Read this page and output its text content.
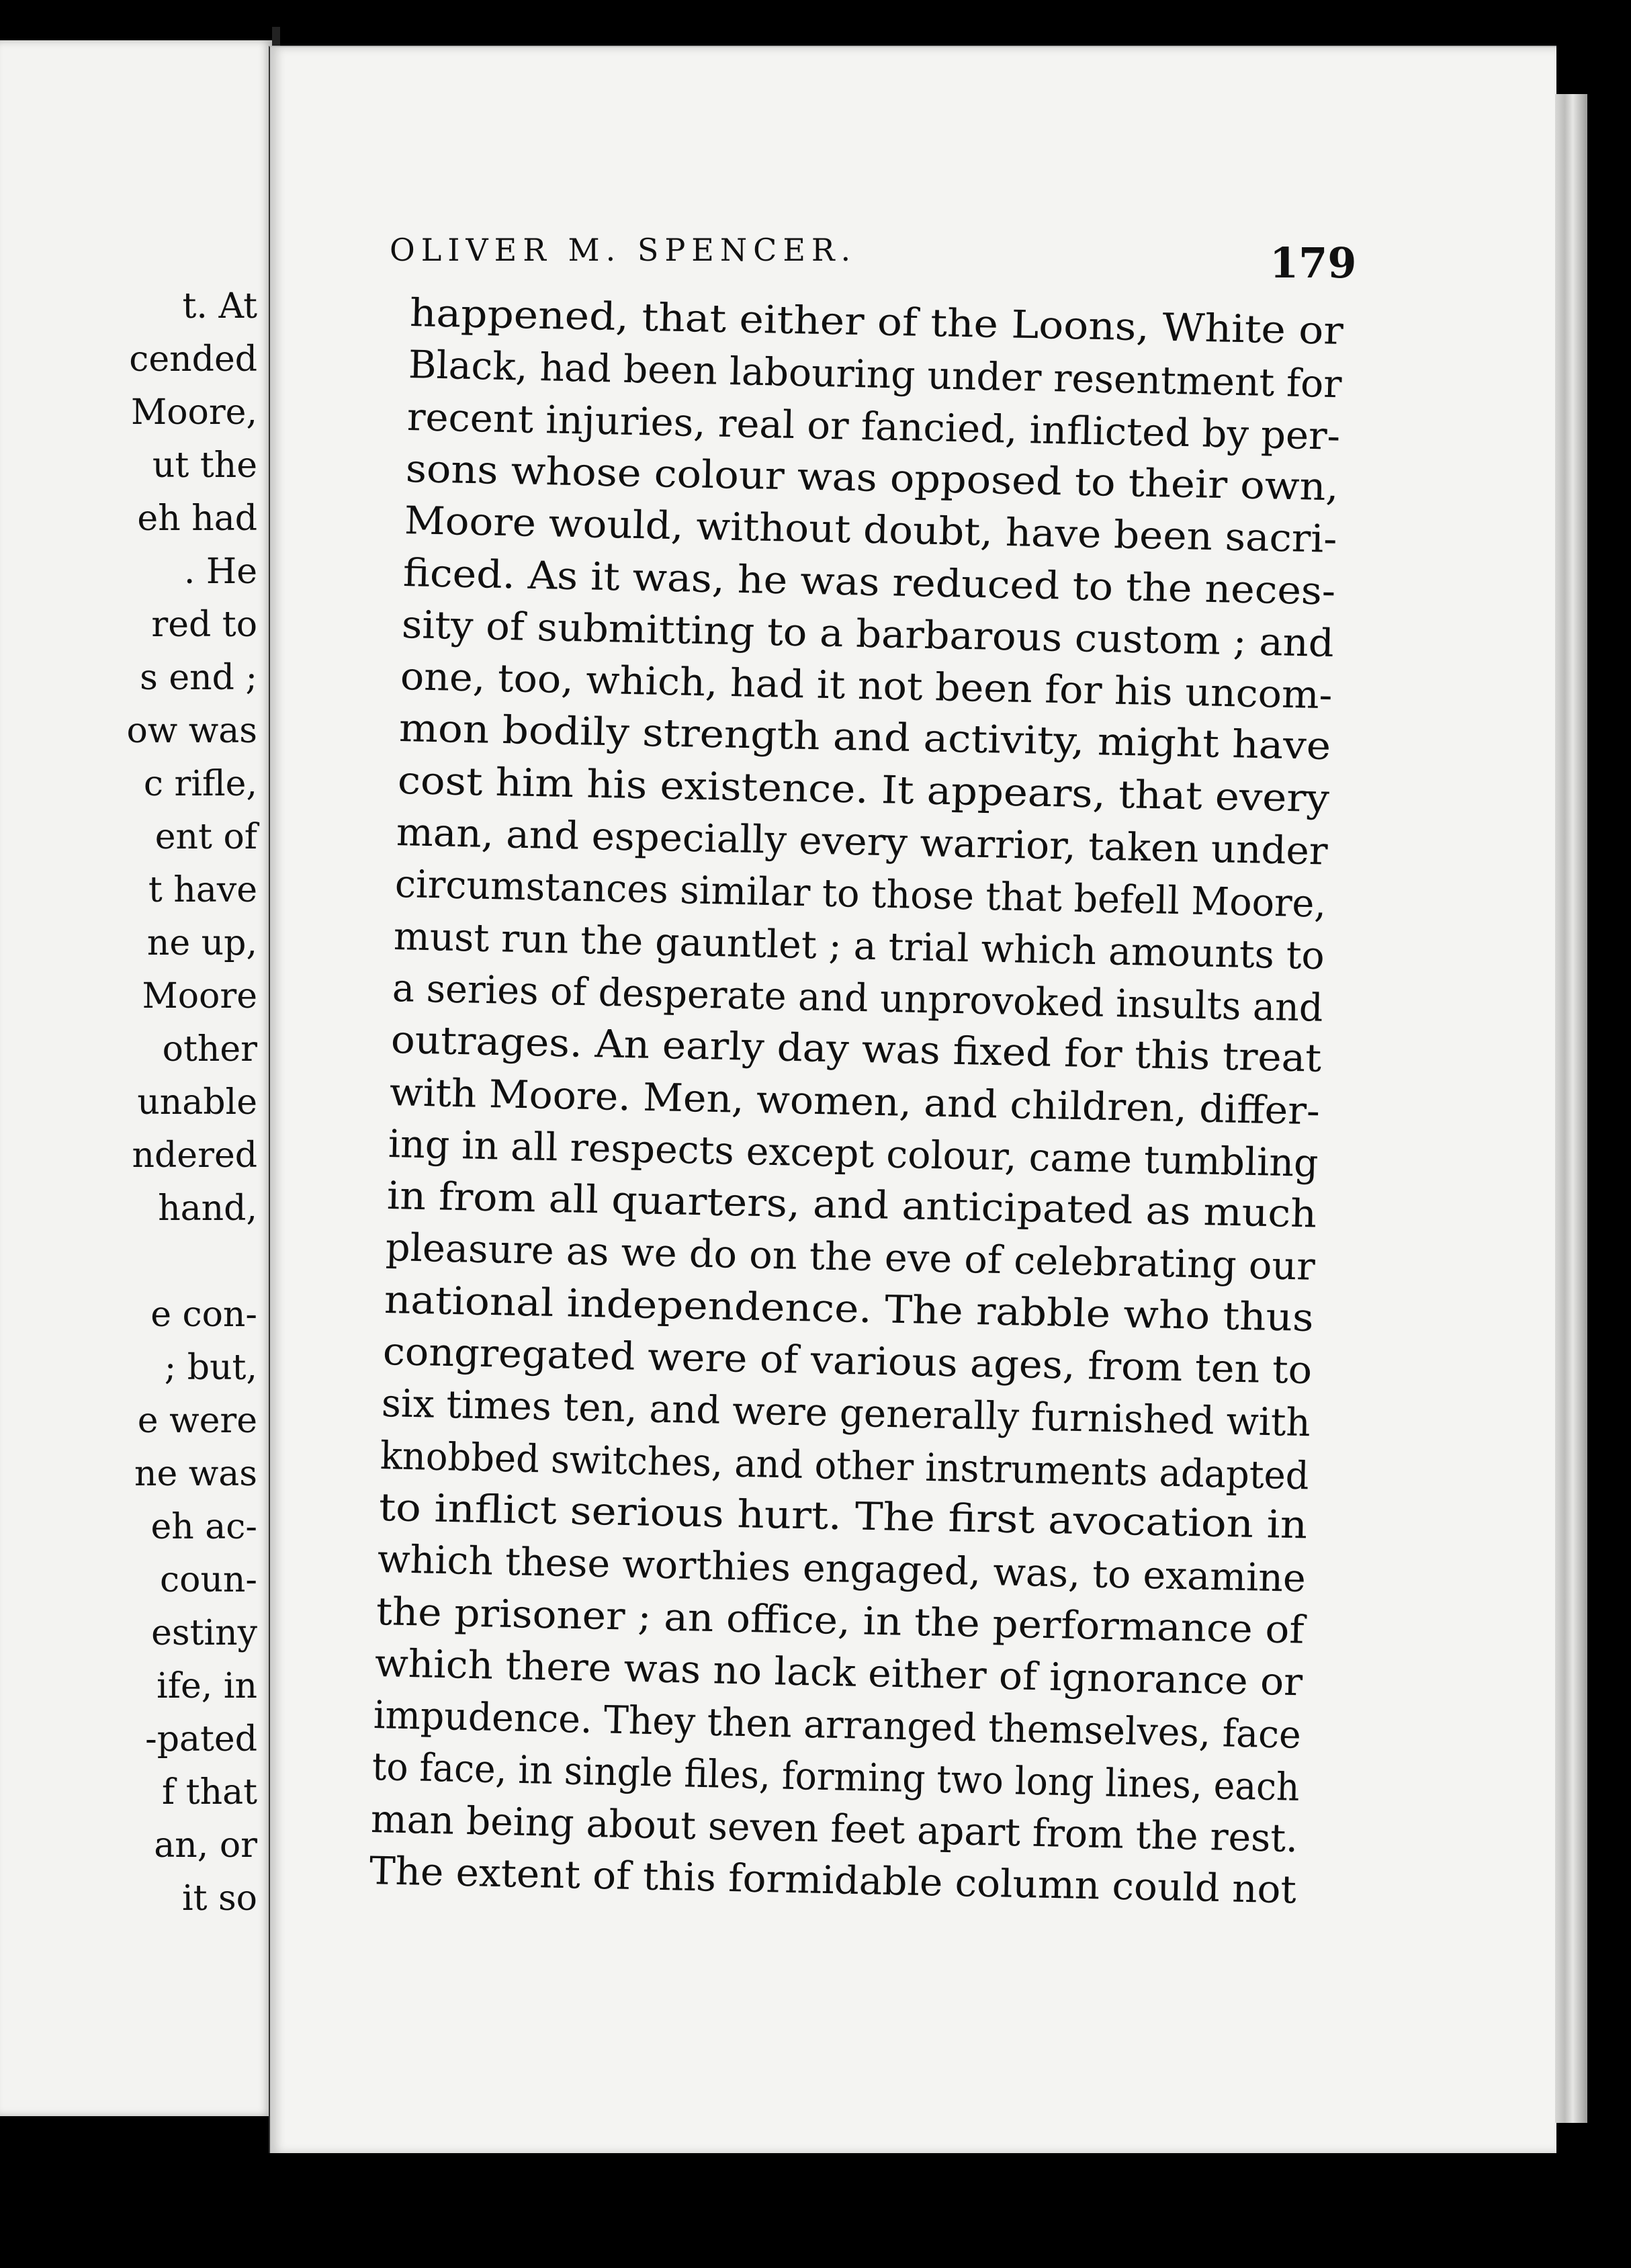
t. At
cended
Moore,
ut the
eh had
. He
red to
s end ;
ow was
c rifle,
ent of
t have
ne up,
Moore
other
unable
ndered
hand,
e con-
; but,
e were
ne was
eh ac-
coun-
estiny
ife, in
-pated
f that
an, or
it so
OLIVER M. SPENCER.	179
happened, that either of the Loons, White or
Black, had been labouring under resentment for
recent injuries, real or fancied, inflicted by per-
sons whose colour was opposed to their own,
Moore would, without doubt, have been sacri-
ficed. As it was, he was reduced to the neces-
sity of submitting to a barbarous custom ; and
one, too, which, had it not been for his uncom-
mon bodily strength and activity, might have
cost him his existence. It appears, that every
man, and especially every warrior, taken under
circumstances similar to those that befell Moore,
must run the gauntlet ; a trial which amounts to
a series of desperate and unprovoked insults and
outrages. An early day was fixed for this treat
with Moore. Men, women, and children, differ-
ing in all respects except colour, came tumbling
in from all quarters, and anticipated as much
pleasure as we do on the eve of celebrating our
national independence. The rabble who thus
congregated were of various ages, from ten to
six times ten, and were generally furnished with
knobbed switches, and other instruments adapted
to inflict serious hurt. The first avocation in
which these worthies engaged, was, to examine
the prisoner ; an office, in the performance of
which there was no lack either of ignorance or
impudence. They then arranged themselves, face
to face, in single files, forming two long lines, each
man being about seven feet apart from the rest.
The extent of this formidable column could not
